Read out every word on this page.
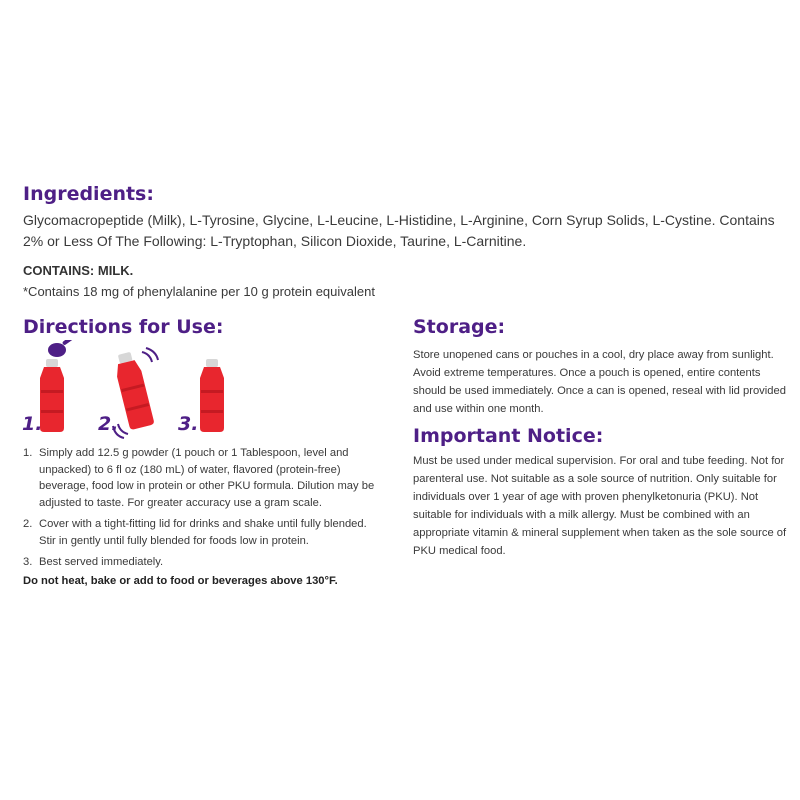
Ingredients:

Glycomacropeptide (Milk), L-Tyrosine, Glycine, L-Leucine, L-Histidine, L-Arginine, Corn Syrup Solids, L-Cystine. Contains 2% or Less Of The Following: L-Tryptophan, Silicon Dioxide, Taurine, L-Carnitine.

CONTAINS: MILK.

*Contains 18 mg of phenylalanine per 10 g protein equivalent

Directions for Use:
1.	2.	3.
1. Simply add 12.5 g powder (1 pouch or 1 Tablespoon, level and unpacked) to 6 fl oz (180 mL) of water, flavored (protein-free) beverage, food low in protein or other PKU formula. Dilution may be adjusted to taste. For greater accuracy use a gram scale.
2. Cover with a tight-fitting lid for drinks and shake until fully blended. Stir in gently until fully blended for foods low in protein.
3. Best served immediately.

Do not heat, bake or add to food or beverages above 130°F.

Storage:

Store unopened cans or pouches in a cool, dry place away from sunlight. Avoid extreme temperatures. Once a pouch is opened, entire contents should be used immediately. Once a can is opened, reseal with lid provided and use within one month.

Important Notice:

Must be used under medical supervision. For oral and tube feeding. Not for parenteral use. Not suitable as a sole source of nutrition. Only suitable for individuals over 1 year of age with proven phenylketonuria (PKU). Not suitable for individuals with a milk allergy. Must be combined with an appropriate vitamin & mineral supplement when taken as the sole source of PKU medical food.
